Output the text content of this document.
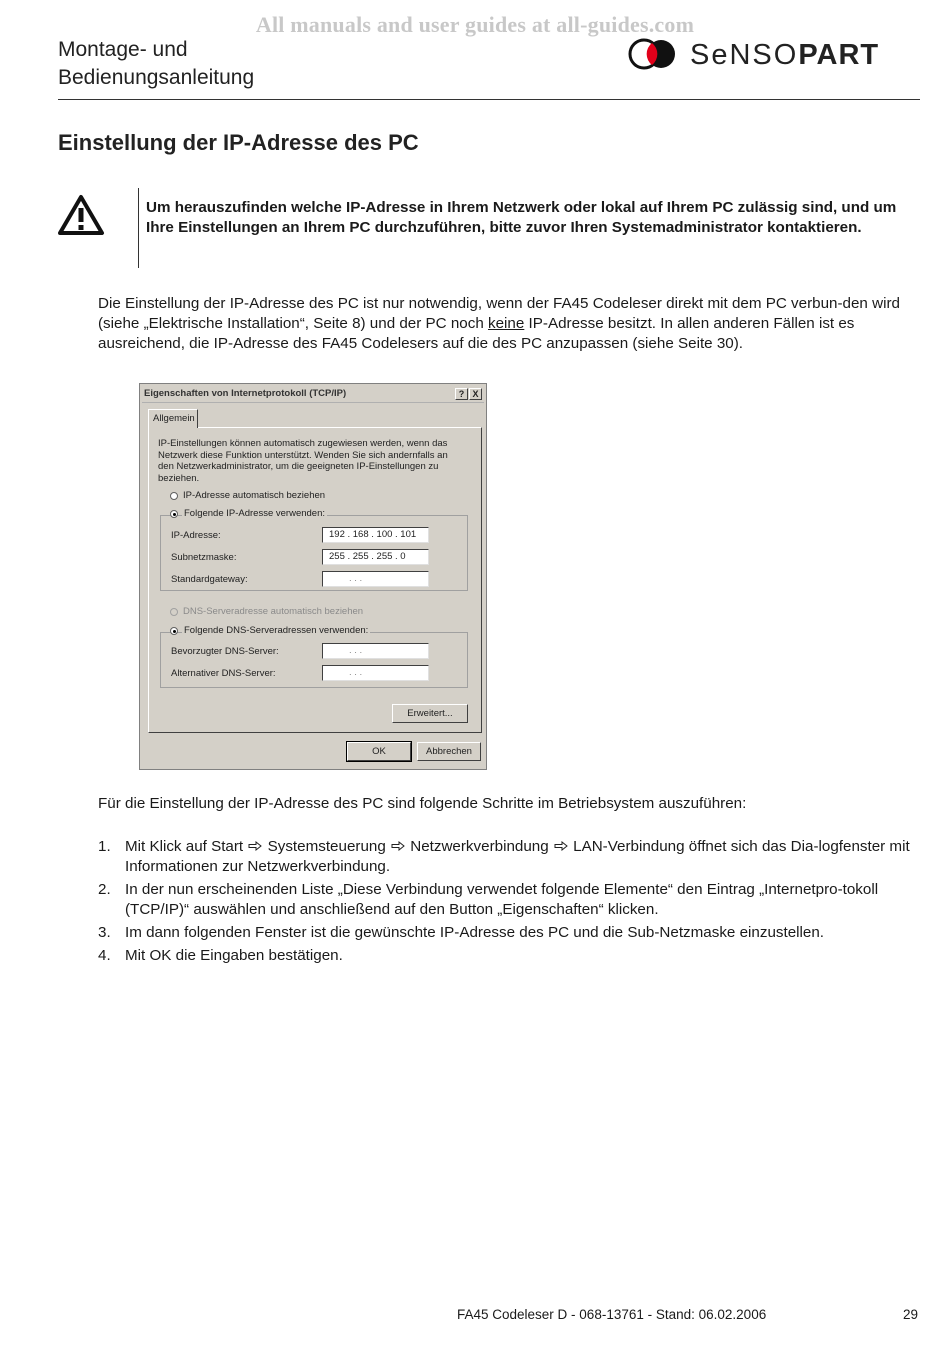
All manuals and user guides at all-guides.com
Montage- und
Bedienungsanleitung
SeNSOPART
Einstellung der IP-Adresse des PC
Um herauszufinden welche IP-Adresse in Ihrem Netzwerk oder lokal auf Ihrem PC zulässig sind, und um Ihre Einstellungen an Ihrem PC durchzuführen, bitte zuvor Ihren Systemadministrator kontaktieren.
Die Einstellung der IP-Adresse des PC ist nur notwendig, wenn der FA45 Codeleser direkt mit dem PC verbun-den wird (siehe „Elektrische Installation“, Seite 8) und der PC noch keine IP-Adresse besitzt. In allen anderen Fällen ist es ausreichend, die IP-Adresse des FA45 Codelesers auf die des PC anzupassen (siehe Seite 30).
Eigenschaften von Internetprotokoll (TCP/IP)	? X
Allgemein
IP-Einstellungen können automatisch zugewiesen werden, wenn das Netzwerk diese Funktion unterstützt. Wenden Sie sich andernfalls an den Netzwerkadministrator, um die geeigneten IP-Einstellungen zu beziehen.
IP-Adresse automatisch beziehen
Folgende IP-Adresse verwenden:
IP-Adresse:	192 . 168 . 100 . 101
Subnetzmaske:	255 . 255 . 255 . 0
Standardgateway:	. . .
DNS-Serveradresse automatisch beziehen
Folgende DNS-Serveradressen verwenden:
Bevorzugter DNS-Server:	. . .
Alternativer DNS-Server:	. . .
Erweitert...
OK	Abbrechen
Für die Einstellung der IP-Adresse des PC sind folgende Schritte im Betriebsystem auszuführen:
1. Mit Klick auf Start  Systemsteuerung  Netzwerkverbindung  LAN-Verbindung öffnet sich das Dia-logfenster mit Informationen zur Netzwerkverbindung.
2. In der nun erscheinenden Liste „Diese Verbindung verwendet folgende Elemente“ den Eintrag „Internetpro-tokoll (TCP/IP)“ auswählen und anschließend auf den Button „Eigenschaften“ klicken.
3. Im dann folgenden Fenster ist die gewünschte IP-Adresse des PC und die Sub-Netzmaske einzustellen.
4. Mit OK die Eingaben bestätigen.
FA45 Codeleser D - 068-13761 - Stand: 06.02.2006	29
